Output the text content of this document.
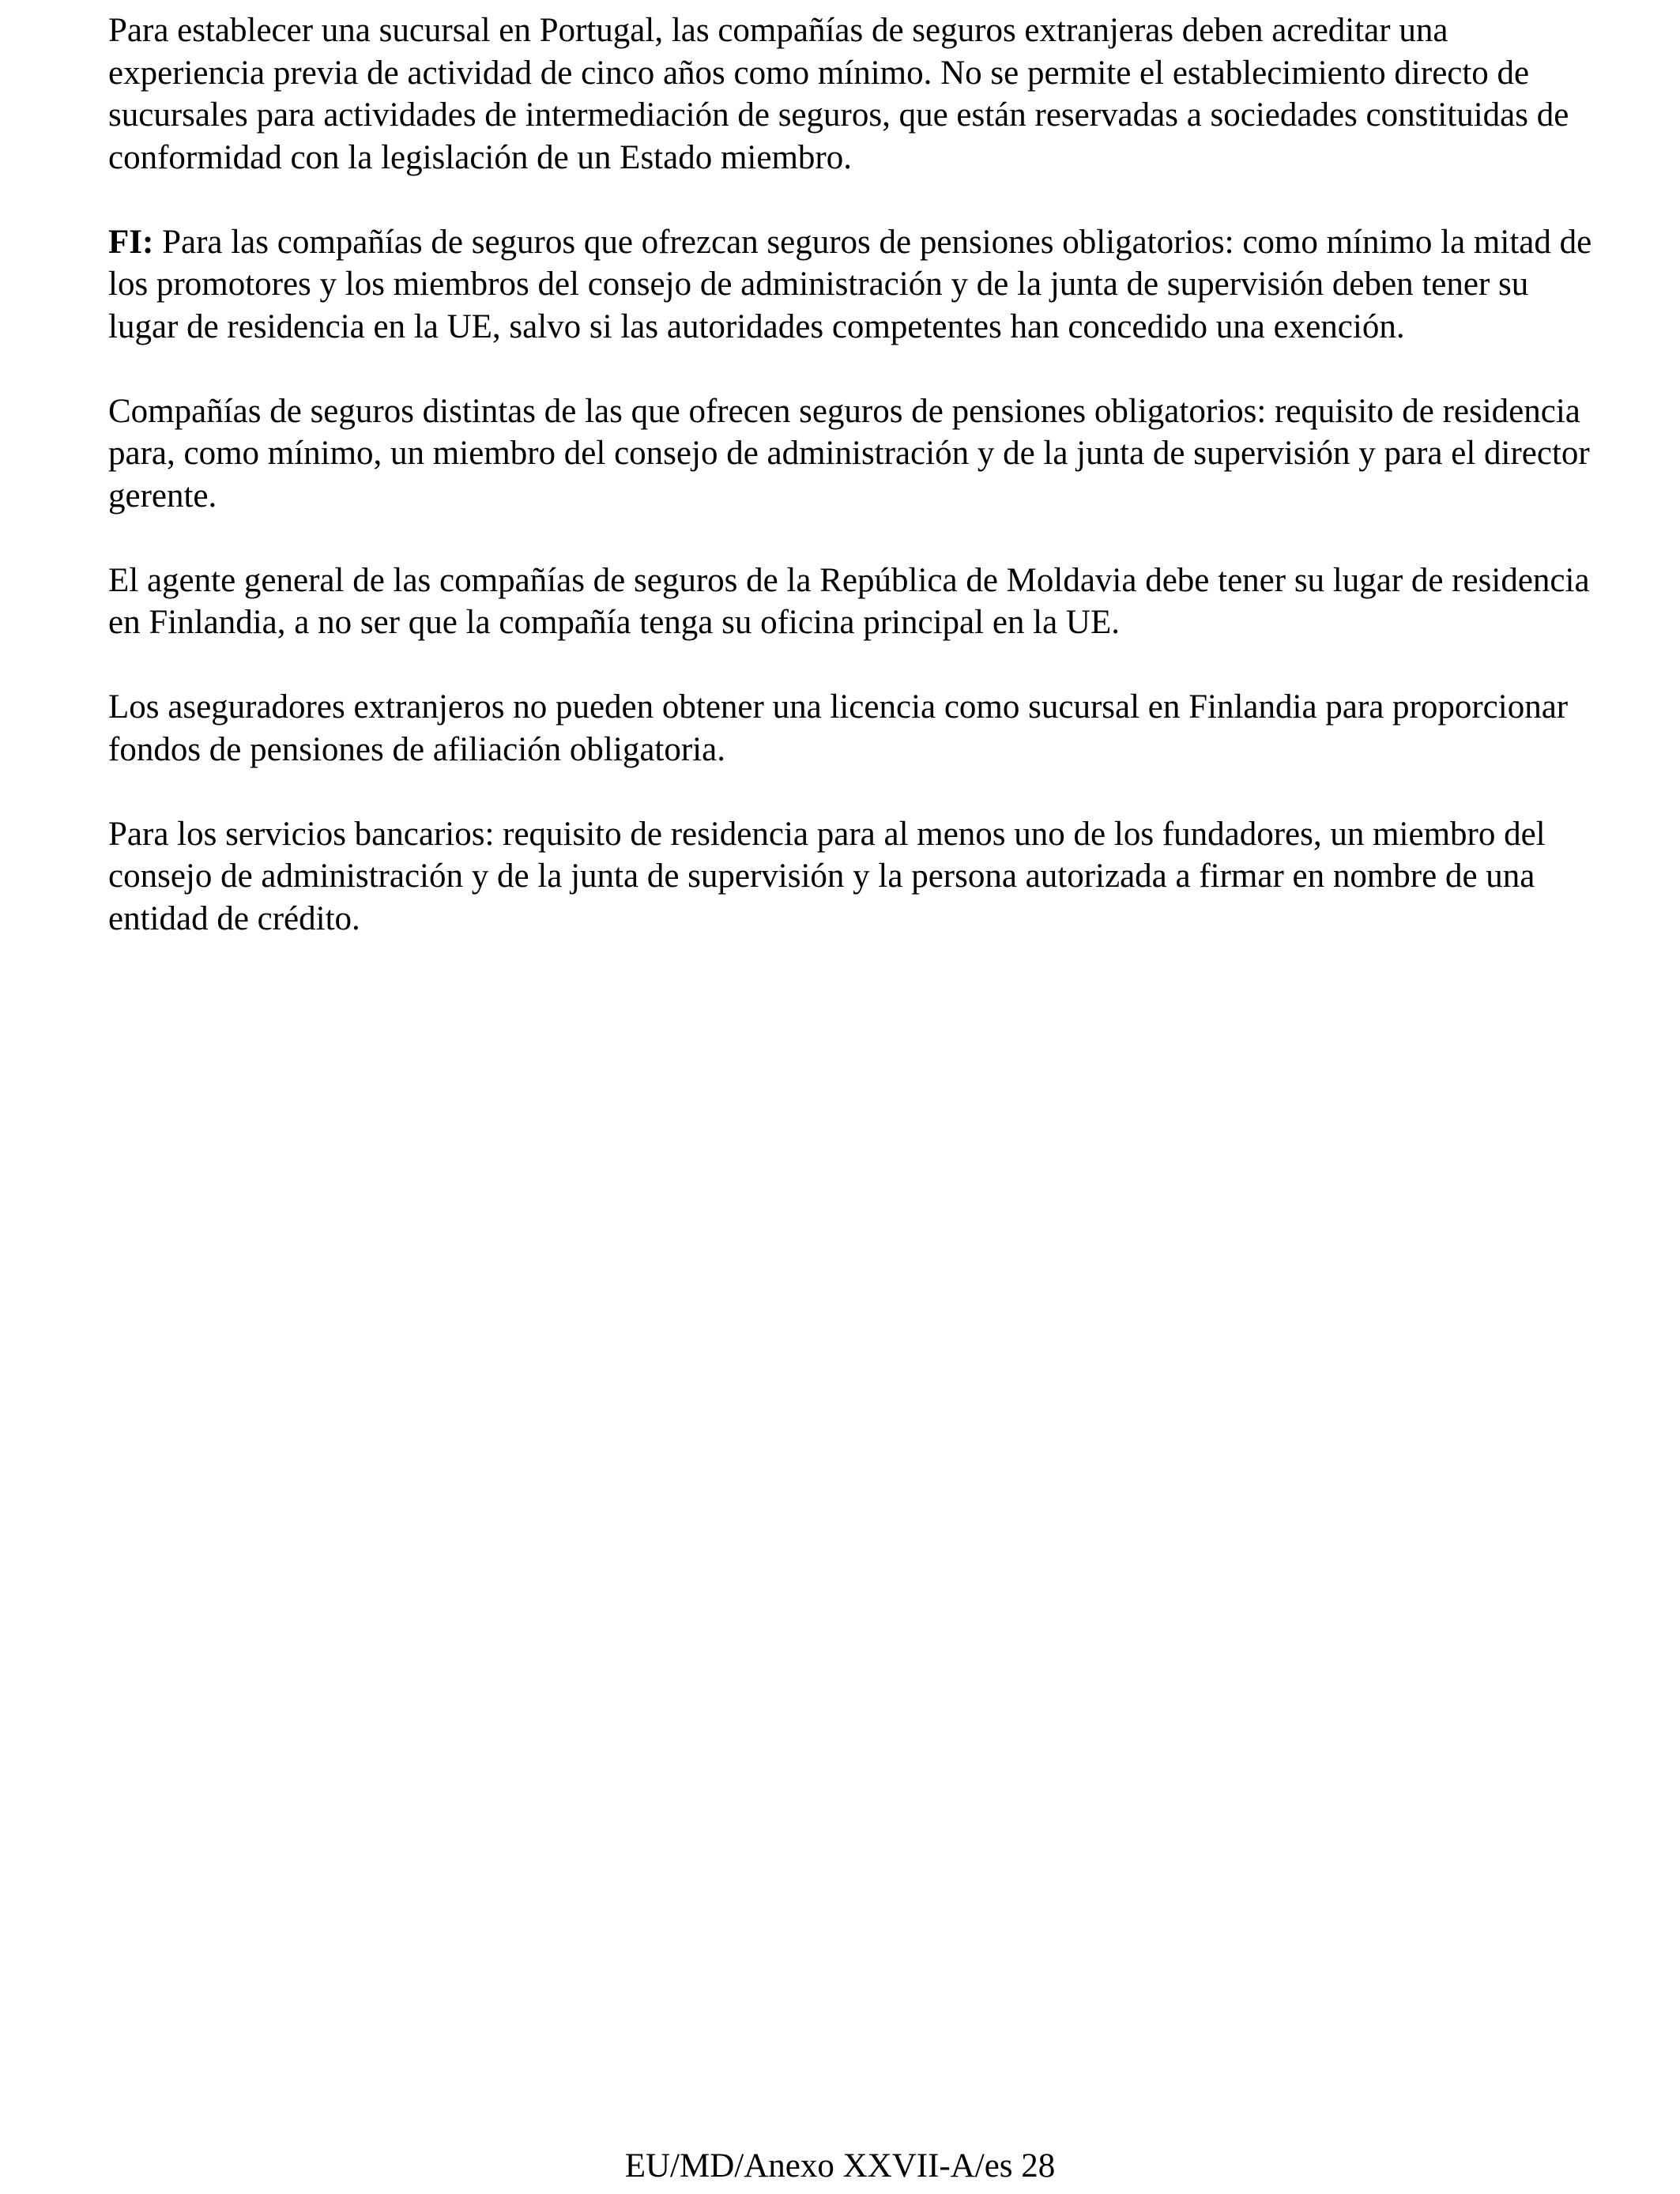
Para establecer una sucursal en Portugal, las compañías de seguros extranjeras deben acreditar una experiencia previa de actividad de cinco años como mínimo. No se permite el establecimiento directo de sucursales para actividades de intermediación de seguros, que están reservadas a sociedades constituidas de conformidad con la legislación de un Estado miembro.

FI: Para las compañías de seguros que ofrezcan seguros de pensiones obligatorios: como mínimo la mitad de los promotores y los miembros del consejo de administración y de la junta de supervisión deben tener su lugar de residencia en la UE, salvo si las autoridades competentes han concedido una exención.

Compañías de seguros distintas de las que ofrecen seguros de pensiones obligatorios: requisito de residencia para, como mínimo, un miembro del consejo de administración y de la junta de supervisión y para el director gerente.

El agente general de las compañías de seguros de la República de Moldavia debe tener su lugar de residencia en Finlandia, a no ser que la compañía tenga su oficina principal en la UE.

Los aseguradores extranjeros no pueden obtener una licencia como sucursal en Finlandia para proporcionar fondos de pensiones de afiliación obligatoria.

Para los servicios bancarios: requisito de residencia para al menos uno de los fundadores, un miembro del consejo de administración y de la junta de supervisión y la persona autorizada a firmar en nombre de una entidad de crédito.

EU/MD/Anexo XXVII-A/es 28
